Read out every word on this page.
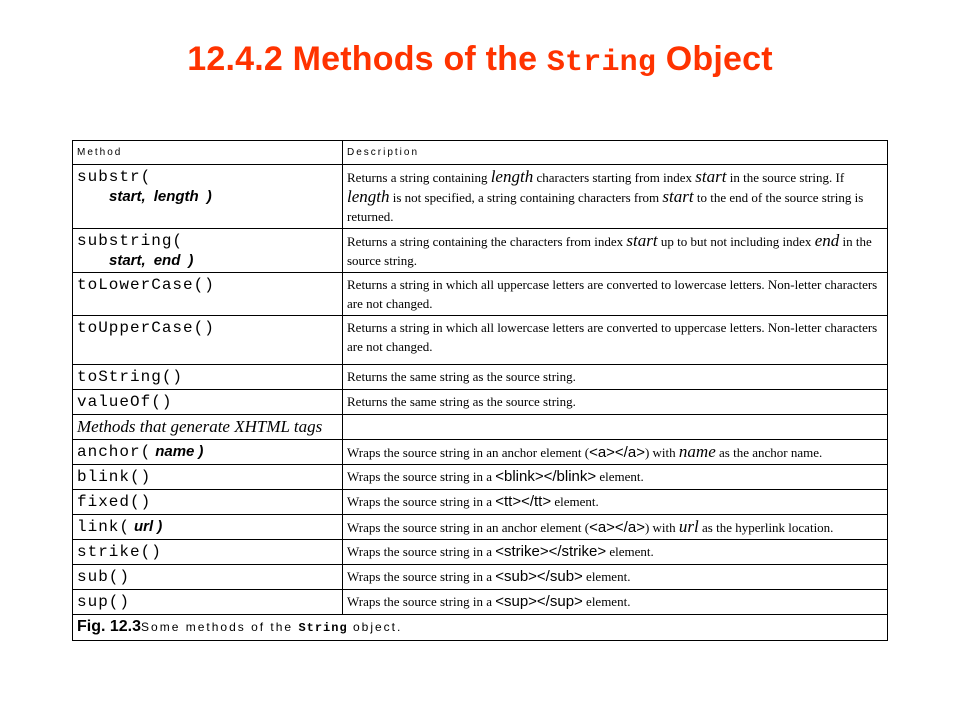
12.4.2 Methods of the String Object
Method	Description
substr(
start, length )	Returns a string containing length characters starting from index start in the source string. If length is not specified, a string containing characters from start to the end of the source string is returned.
substring(
start, end )	Returns a string containing the characters from index start up to but not including index end in the source string.
toLowerCase()	Returns a string in which all uppercase letters are converted to lowercase letters. Non-letter characters are not changed.
toUpperCase()	Returns a string in which all lowercase letters are converted to uppercase letters. Non-letter characters are not changed.
toString()	Returns the same string as the source string.
valueOf()	Returns the same string as the source string.
Methods that generate XHTML tags	
anchor( name )	Wraps the source string in an anchor element (<a></a>) with name as the anchor name.
blink()	Wraps the source string in a <blink></blink> element.
fixed()	Wraps the source string in a <tt></tt> element.
link( url )	Wraps the source string in an anchor element (<a></a>) with url as the hyperlink location.
strike()	Wraps the source string in a <strike></strike> element.
sub()	Wraps the source string in a <sub></sub> element.
sup()	Wraps the source string in a <sup></sup> element.
Fig. 12.3Some methods of the String object.	
